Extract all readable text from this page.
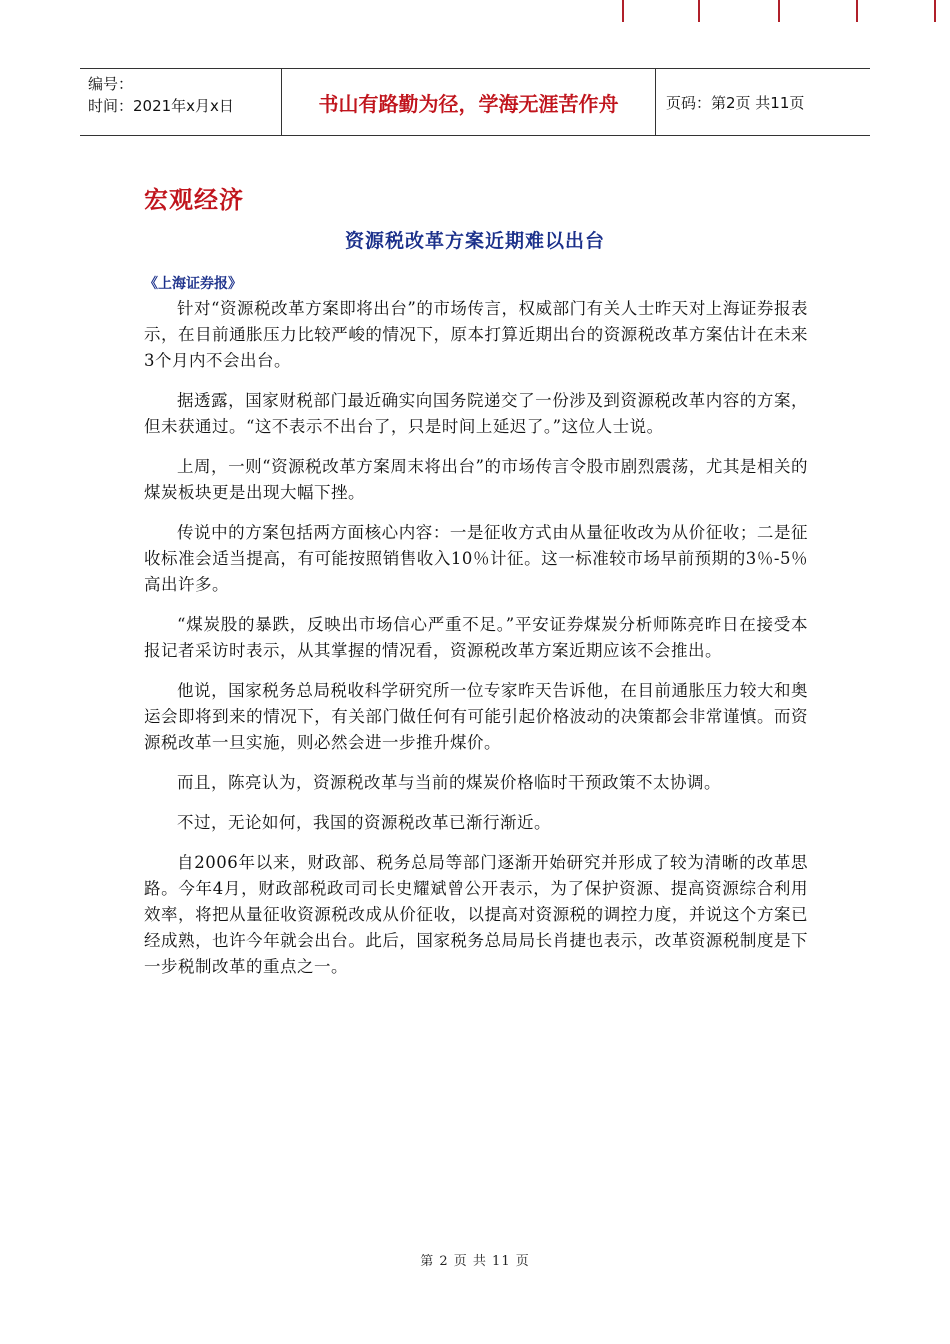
编号：
时间：2021年x月x日	书山有路勤为径，学海无涯苦作舟	页码：第2页 共11页
宏观经济
资源税改革方案近期难以出台
《上海证券报》

针对“资源税改革方案即将出台”的市场传言，权威部门有关人士昨天对上海证券报表示，在目前通胀压力比较严峻的情况下，原本打算近期出台的资源税改革方案估计在未来3个月内不会出台。

据透露，国家财税部门最近确实向国务院递交了一份涉及到资源税改革内容的方案，但未获通过。“这不表示不出台了，只是时间上延迟了。”这位人士说。

上周，一则“资源税改革方案周末将出台”的市场传言令股市剧烈震荡，尤其是相关的煤炭板块更是出现大幅下挫。

传说中的方案包括两方面核心内容：一是征收方式由从量征收改为从价征收；二是征收标准会适当提高，有可能按照销售收入10％计征。这一标准较市场早前预期的3％-5％高出许多。

“煤炭股的暴跌，反映出市场信心严重不足。”平安证券煤炭分析师陈亮昨日在接受本报记者采访时表示，从其掌握的情况看，资源税改革方案近期应该不会推出。

他说，国家税务总局税收科学研究所一位专家昨天告诉他，在目前通胀压力较大和奥运会即将到来的情况下，有关部门做任何有可能引起价格波动的决策都会非常谨慎。而资源税改革一旦实施，则必然会进一步推升煤价。

而且，陈亮认为，资源税改革与当前的煤炭价格临时干预政策不太协调。

不过，无论如何，我国的资源税改革已渐行渐近。

自2006年以来，财政部、税务总局等部门逐渐开始研究并形成了较为清晰的改革思路。今年4月，财政部税政司司长史耀斌曾公开表示，为了保护资源、提高资源综合利用效率，将把从量征收资源税改成从价征收，以提高对资源税的调控力度，并说这个方案已经成熟，也许今年就会出台。此后，国家税务总局局长肖捷也表示，改革资源税制度是下一步税制改革的重点之一。

第 2 页 共 11 页
